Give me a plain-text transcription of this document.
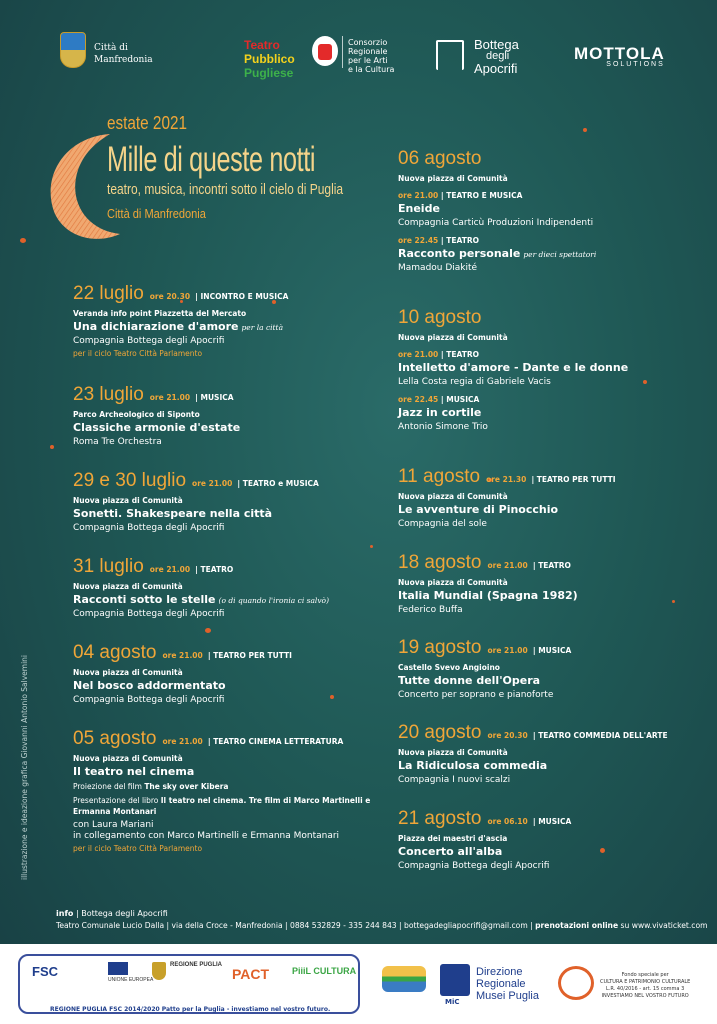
Città di
Manfredonia
Teatro
Pubblico
Pugliese
Consorzio
Regionale
per le Arti
e la Cultura
Bottega
degli
Apocrifi
MOTTOLA
SOLUTIONS
estate 2021
Mille di queste notti
teatro, musica, incontri sotto il cielo di Puglia
Città di Manfredonia
22 luglio ore 20.30 | INCONTRO E MUSICA
Veranda info point Piazzetta del Mercato
Una dichiarazione d'amore per la città
Compagnia Bottega degli Apocrifi
per il ciclo Teatro Città Parlamento
23 luglio ore 21.00 | MUSICA
Parco Archeologico di Siponto
Classiche armonie d'estate
Roma Tre Orchestra
29 e 30 luglio ore 21.00 | TEATRO e MUSICA
Nuova piazza di Comunità
Sonetti. Shakespeare nella città
Compagnia Bottega degli Apocrifi
31 luglio ore 21.00 | TEATRO
Nuova piazza di Comunità
Racconti sotto le stelle (o di quando l'ironia ci salvò)
Compagnia Bottega degli Apocrifi
04 agosto ore 21.00 | TEATRO PER TUTTI
Nuova piazza di Comunità
Nel bosco addormentato
Compagnia Bottega degli Apocrifi
05 agosto ore 21.00 | TEATRO CINEMA LETTERATURA
Nuova piazza di Comunità
Il teatro nel cinema
Proiezione del film The sky over Kibera
Presentazione del libro Il teatro nel cinema. Tre film di Marco Martinelli e Ermanna Montanari
con Laura Mariani
in collegamento con Marco Martinelli e Ermanna Montanari
per il ciclo Teatro Città Parlamento
06 agosto
Nuova piazza di Comunità
ore 21.00 | TEATRO E MUSICA
Eneide
Compagnia Carticù Produzioni Indipendenti
ore 22.45 | TEATRO
Racconto personale per dieci spettatori
Mamadou Diakité
10 agosto
Nuova piazza di Comunità
ore 21.00 | TEATRO
Intelletto d'amore - Dante e le donne
Lella Costa regia di Gabriele Vacis
ore 22.45 | MUSICA
Jazz in cortile
Antonio Simone Trio
11 agosto ore 21.30 | TEATRO PER TUTTI
Nuova piazza di Comunità
Le avventure di Pinocchio
Compagnia del sole
18 agosto ore 21.00 | TEATRO
Nuova piazza di Comunità
Italia Mundial (Spagna 1982)
Federico Buffa
19 agosto ore 21.00 | MUSICA
Castello Svevo Angioino
Tutte donne dell'Opera
Concerto per soprano e pianoforte
20 agosto ore 20.30 | TEATRO COMMEDIA DELL'ARTE
Nuova piazza di Comunità
La Ridiculosa commedia
Compagnia I nuovi scalzi
21 agosto ore 06.10 | MUSICA
Piazza dei maestri d'ascia
Concerto all'alba
Compagnia Bottega degli Apocrifi
illustrazione e ideazione grafica Giovanni Antonio Salvemini
info | Bottega degli Apocrifi
Teatro Comunale Lucio Dalla | via della Croce - Manfredonia | 0884 532829 - 335 244 843 | bottegadegliapocrifi@gmail.com | prenotazioni online su www.vivaticket.com
FSC
UNIONE EUROPEA
REGIONE PUGLIA
PACT	PiiiL CULTURA
REGIONE PUGLIA FSC 2014/2020 Patto per la Puglia - investiamo nel vostro futuro.
MiC
Direzione
Regionale
Musei Puglia
Fondo speciale per
CULTURA E PATRIMONIO CULTURALE
L.R. 40/2016 - art. 15 comma 3
INVESTIAMO NEL VOSTRO FUTURO
